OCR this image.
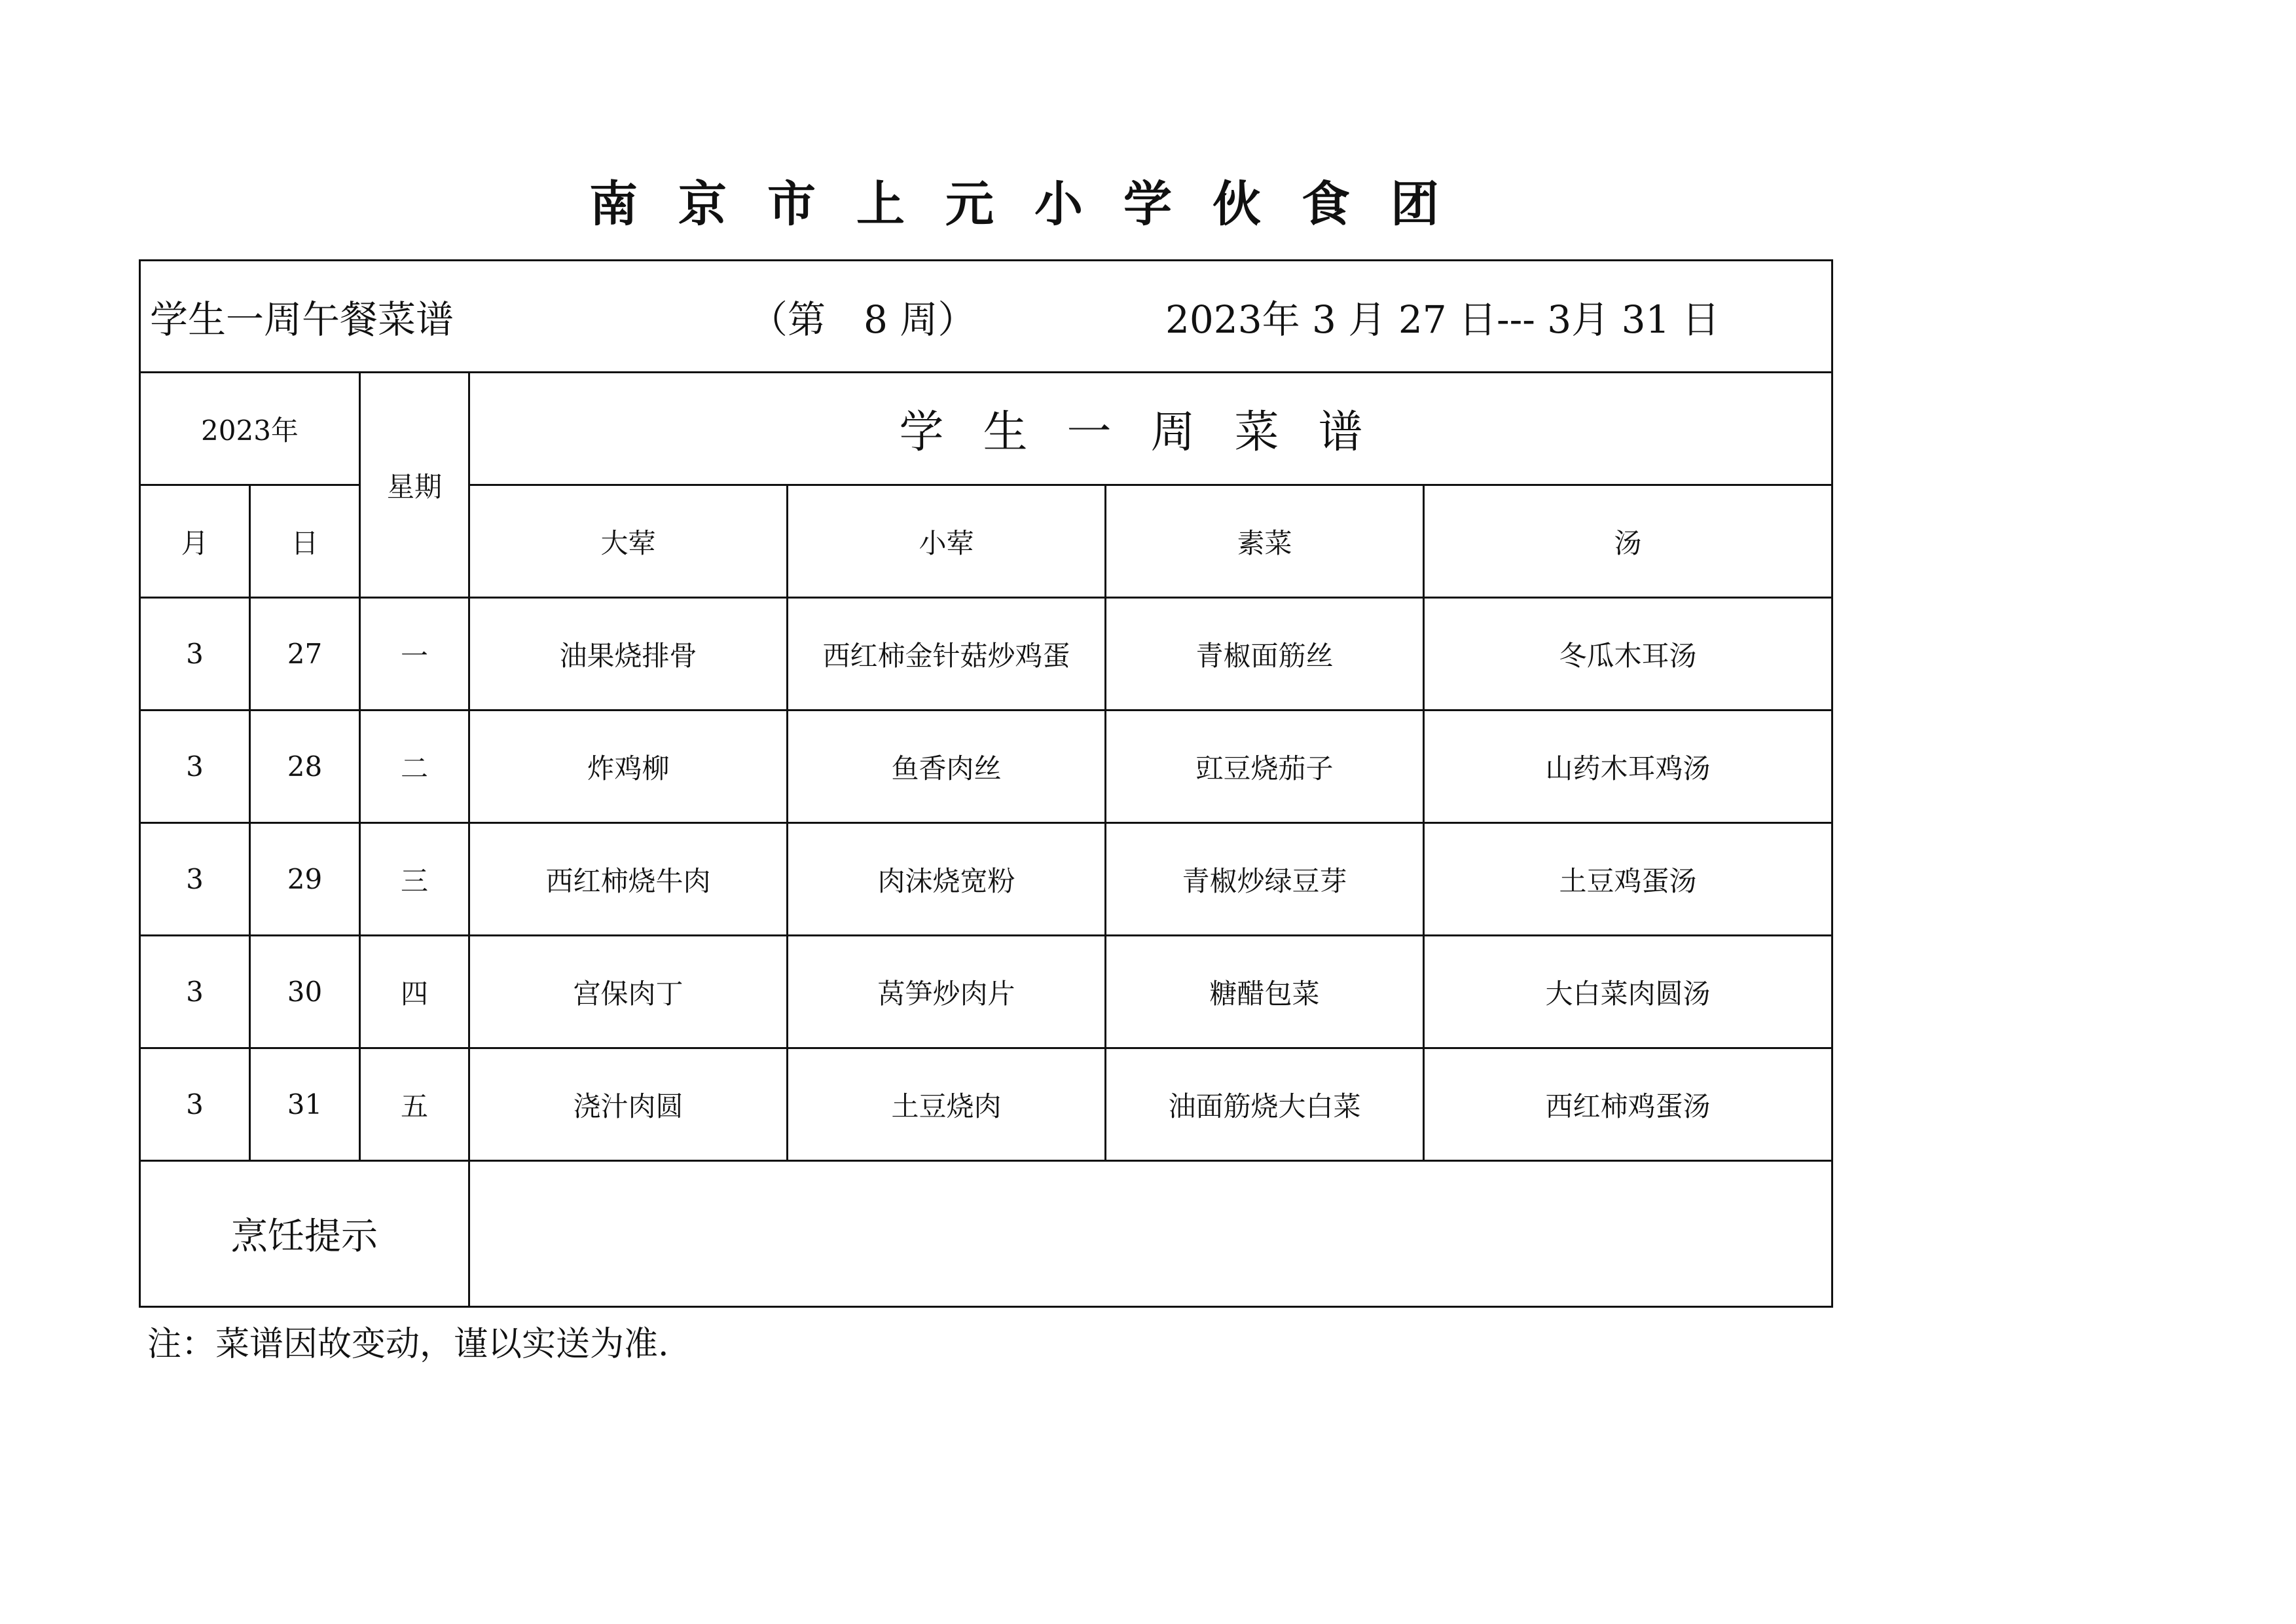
南京市上元小学伙食团
学生一周午餐菜谱 （第　8 周） 2023年 3 月 27 日--- 3月 31 日						

2023年		星期	学生一周菜谱			
月	日		大荤	小荤	素菜	汤
3	27	一	油果烧排骨	西红柿金针菇炒鸡蛋	青椒面筋丝	冬瓜木耳汤
3	28	二	炸鸡柳	鱼香肉丝	豇豆烧茄子	山药木耳鸡汤
3	29	三	西红柿烧牛肉	肉沫烧宽粉	青椒炒绿豆芽	土豆鸡蛋汤
3	30	四	宫保肉丁	莴笋炒肉片	糖醋包菜	大白菜肉圆汤
3	31	五	浇汁肉圆	土豆烧肉	油面筋烧大白菜	西红柿鸡蛋汤
烹饪提示						
注：菜谱因故变动，谨以实送为准.
